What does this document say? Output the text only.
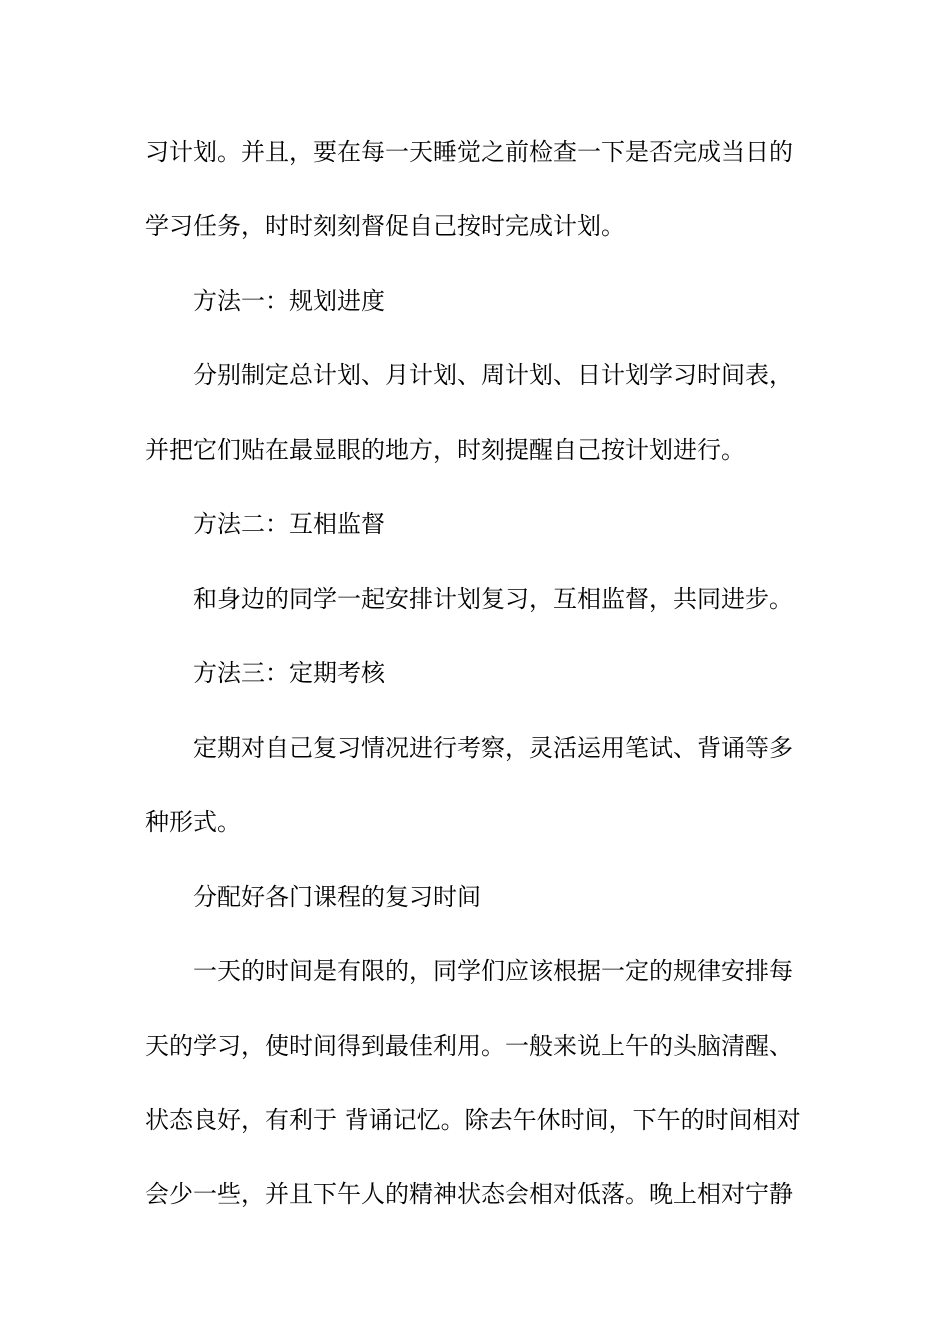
习计划。并且，要在每一天睡觉之前检查一下是否完成当日的
学习任务，时时刻刻督促自己按时完成计划。
方法一：规划进度
分别制定总计划、月计划、周计划、日计划学习时间表，
并把它们贴在最显眼的地方，时刻提醒自己按计划进行。
方法二：互相监督
和身边的同学一起安排计划复习，互相监督，共同进步。
方法三：定期考核
定期对自己复习情况进行考察，灵活运用笔试、背诵等多
种形式。
分配好各门课程的复习时间
一天的时间是有限的，同学们应该根据一定的规律安排每
天的学习，使时间得到最佳利用。一般来说上午的头脑清醒、
状态良好，有利于 背诵记忆。除去午休时间，下午的时间相对
会少一些，并且下午人的精神状态会相对低落。晚上相对宁静
